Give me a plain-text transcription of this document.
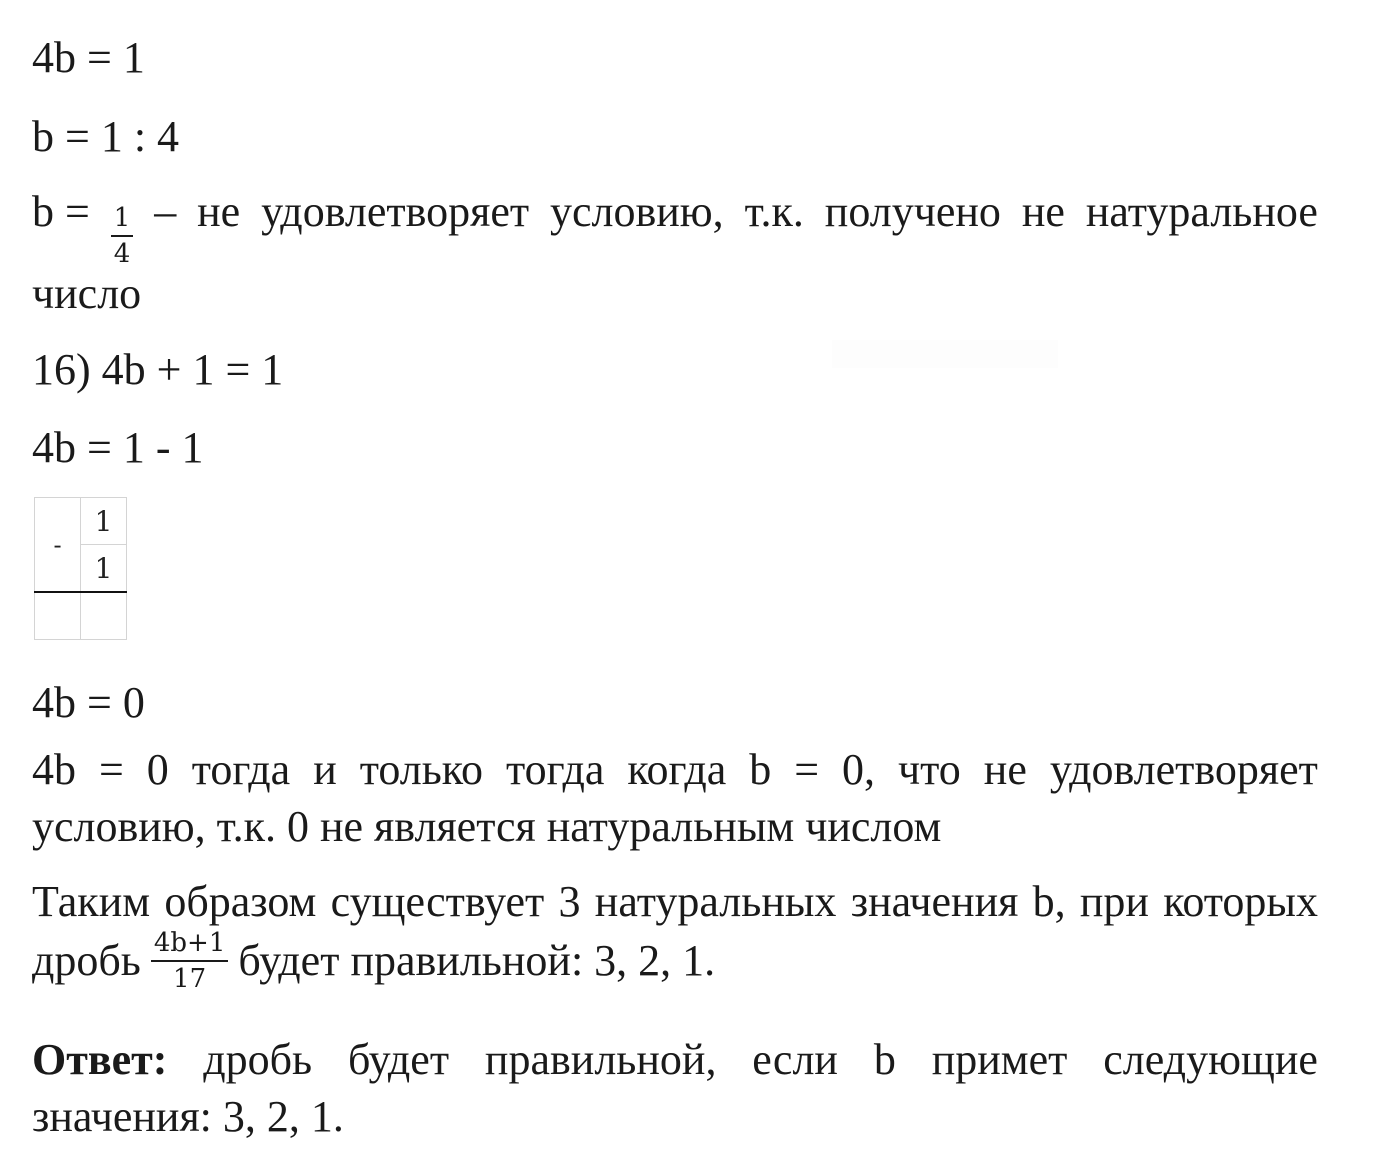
4b = 1
b = 1 : 4
$b = \frac{1}{4}$ – не удовлетворяет условию, т.к. получено не натуральное
число
16) 4b + 1 = 1
4b = 1 - 1
-	1
	1

4b = 0
4b = 0 тогда и только тогда когда b = 0, что не удовлетворяет
условию, т.к. 0 не является натуральным числом
Таким образом существует 3 натуральных значения b, при которых
дробь $\frac{4b+1}{17}$ будет правильной: 3, 2, 1.
Ответ: дробь будет правильной, если b примет следующие
значения: 3, 2, 1.
